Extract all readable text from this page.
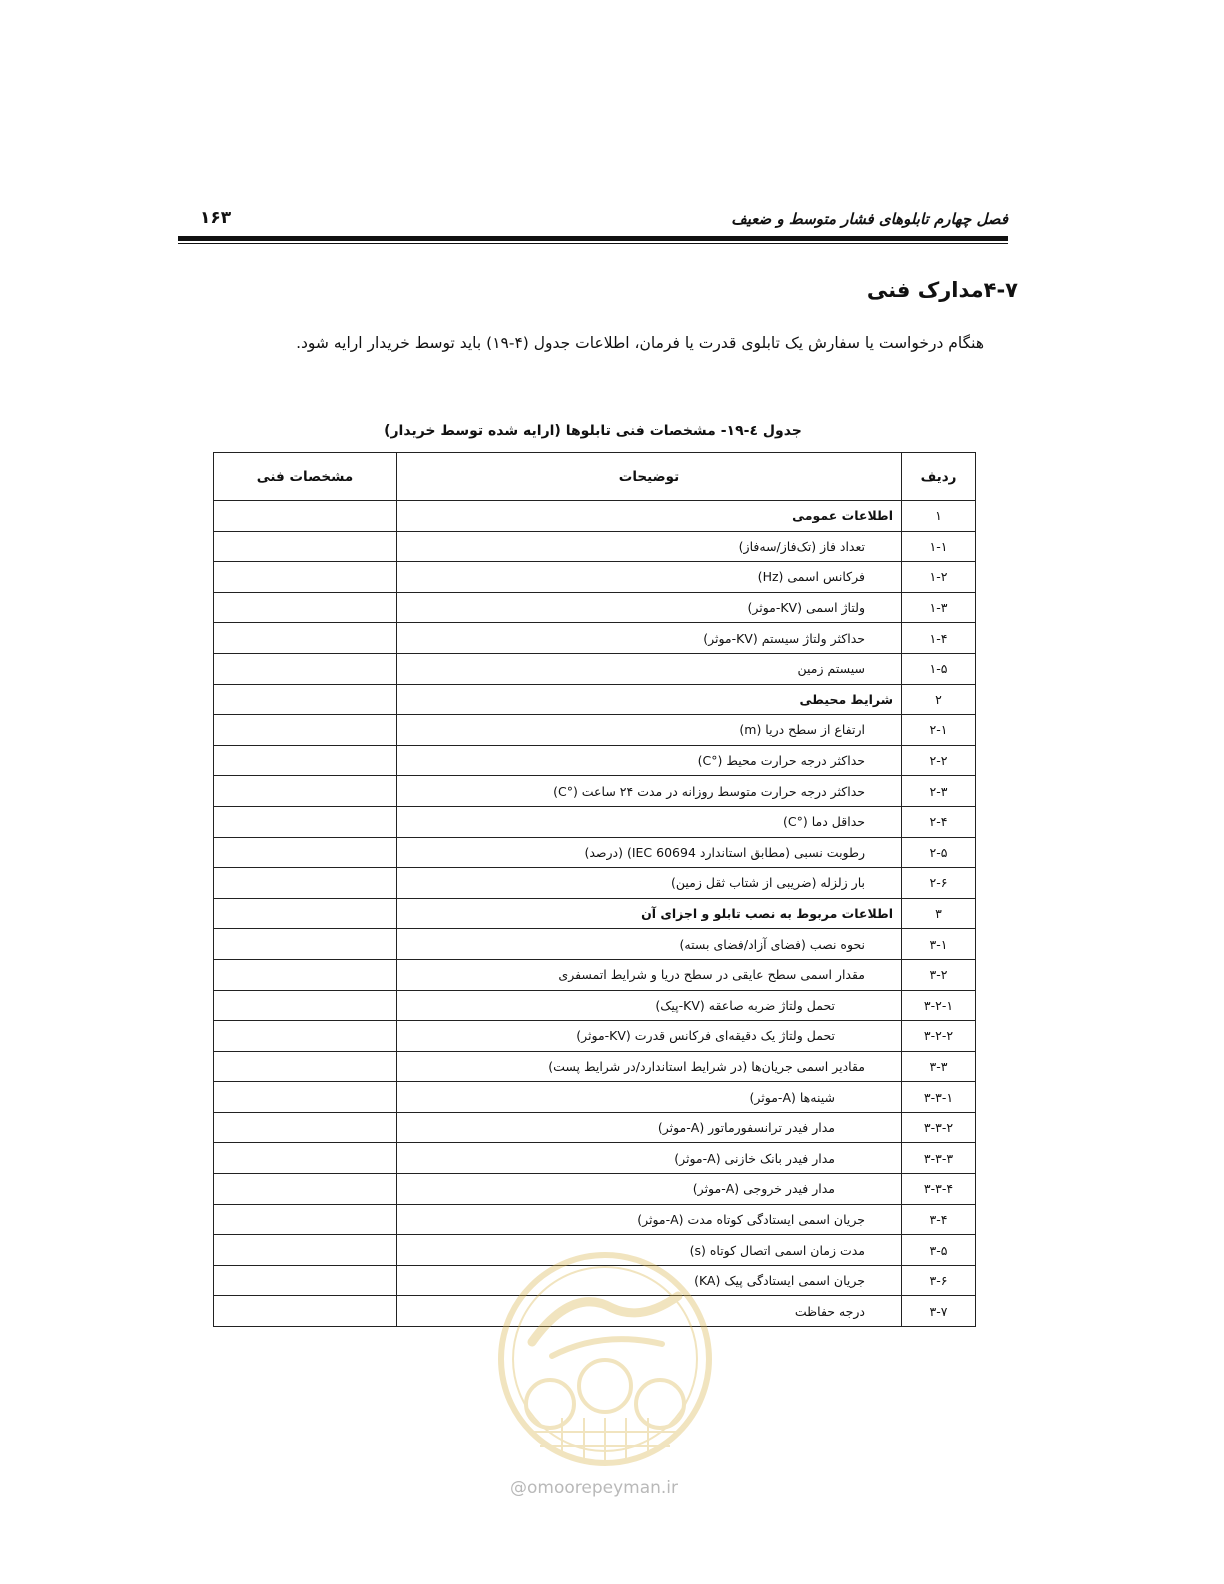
فصل چهارم تابلوهای فشار متوسط و ضعیف
۱۶۳
۴-۷مدارک فنی
هنگام درخواست یا سفارش یک تابلوی قدرت یا فرمان، اطلاعات جدول (۴-۱۹) باید توسط خریدار ارایه شود.
جدول ٤-۱۹- مشخصات فنی تابلوها (ارایه شده توسط خریدار)
ردیف	توضیحات	مشخصات فنی
۱	اطلاعات عمومی	
۱-۱	تعداد فاز (تک‌فاز/سه‌فاز)	
۱-۲	فرکانس اسمی (Hz)	
۱-۳	ولتاژ اسمی (KV-موثر)	
۱-۴	حداکثر ولتاژ سیستم (KV-موثر)	
۱-۵	سیستم زمین	
۲	شرایط محیطی	
۲-۱	ارتفاع از سطح دریا (m)	
۲-۲	حداکثر درجه حرارت محیط (°C)	
۲-۳	حداکثر درجه حرارت متوسط روزانه در مدت ۲۴ ساعت (°C)	
۲-۴	حداقل دما (°C)	
۲-۵	رطوبت نسبی (مطابق استاندارد IEC 60694) (درصد)	
۲-۶	بار زلزله (ضریبی از شتاب ثقل زمین)	
۳	اطلاعات مربوط به نصب تابلو و اجزای آن	
۳-۱	نحوه نصب (فضای آزاد/فضای بسته)	
۳-۲	مقدار اسمی سطح عایقی در سطح دریا و شرایط اتمسفری	
۳-۲-۱	تحمل ولتاژ ضربه صاعقه (KV-پیک)	
۳-۲-۲	تحمل ولتاژ یک دقیقه‌ای فرکانس قدرت (KV-موثر)	
۳-۳	مقادیر اسمی جریان‌ها (در شرایط استاندارد/در شرایط پست)	
۳-۳-۱	شینه‌ها (A-موثر)	
۳-۳-۲	مدار فیدر ترانسفورماتور (A-موثر)	
۳-۳-۳	مدار فیدر بانک خازنی (A-موثر)	
۳-۳-۴	مدار فیدر خروجی (A-موثر)	
۳-۴	جریان اسمی ایستادگی کوتاه مدت (A-موثر)	
۳-۵	مدت زمان اسمی اتصال کوتاه (s)	
۳-۶	جریان اسمی ایستادگی پیک (KA)	
۳-۷	درجه حفاظت	
@omoorepeyman.ir
